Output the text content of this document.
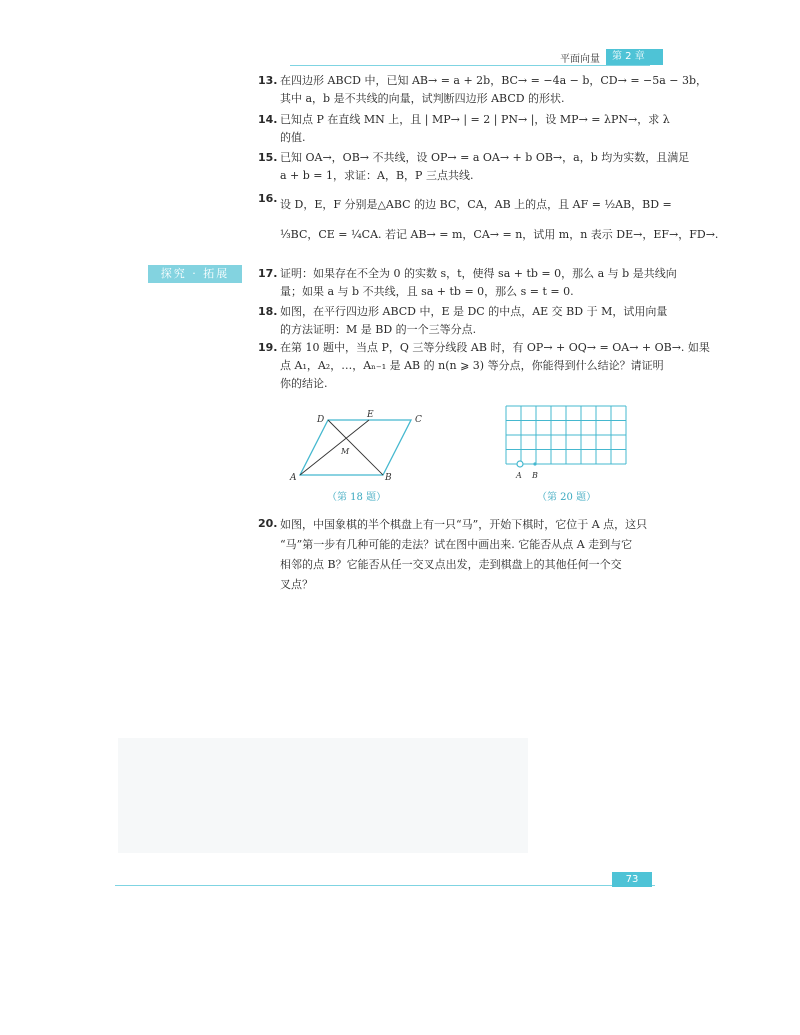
平面向量	第 2 章
探究 · 拓展
13. 在四边形 ABCD 中，已知 AB→ = a + 2b，BC→ = −4a − b，CD→ = −5a − 3b，
其中 a，b 是不共线的向量，试判断四边形 ABCD 的形状.
14. 已知点 P 在直线 MN 上，且 | MP→ | = 2 | PN→ |，设 MP→ = λPN→，求 λ
的值.
15. 已知 OA→，OB→ 不共线，设 OP→ = a OA→ + b OB→，a，b 均为实数，且满足
a + b = 1，求证：A，B，P 三点共线.
16. 设 D，E，F 分别是△ABC 的边 BC，CA，AB 上的点，且 AF = ½AB，BD =
⅓BC，CE = ¼CA. 若记 AB→ = m，CA→ = n，试用 m，n 表示 DE→，EF→，FD→.
17. 证明：如果存在不全为 0 的实数 s，t，使得 sa + tb = 0，那么 a 与 b 是共线向
量；如果 a 与 b 不共线，且 sa + tb = 0，那么 s = t = 0.
18. 如图，在平行四边形 ABCD 中，E 是 DC 的中点，AE 交 BD 于 M，试用向量
的方法证明：M 是 BD 的一个三等分点.
19. 在第 10 题中，当点 P，Q 三等分线段 AB 时，有 OP→ + OQ→ = OA→ + OB→. 如果
点 A₁，A₂，…，Aₙ₋₁ 是 AB 的 n(n ⩾ 3) 等分点，你能得到什么结论？请证明
你的结论.
20. 如图，中国象棋的半个棋盘上有一只“马”，开始下棋时，它位于 A 点，这只
“马”第一步有几种可能的走法？试在图中画出来. 它能否从点 A 走到与它
相邻的点 B？它能否从任一交叉点出发，走到棋盘上的其他任何一个交
叉点？
D	E	C
M
A	B
（第 18 题）
A B
（第 20 题）
73
